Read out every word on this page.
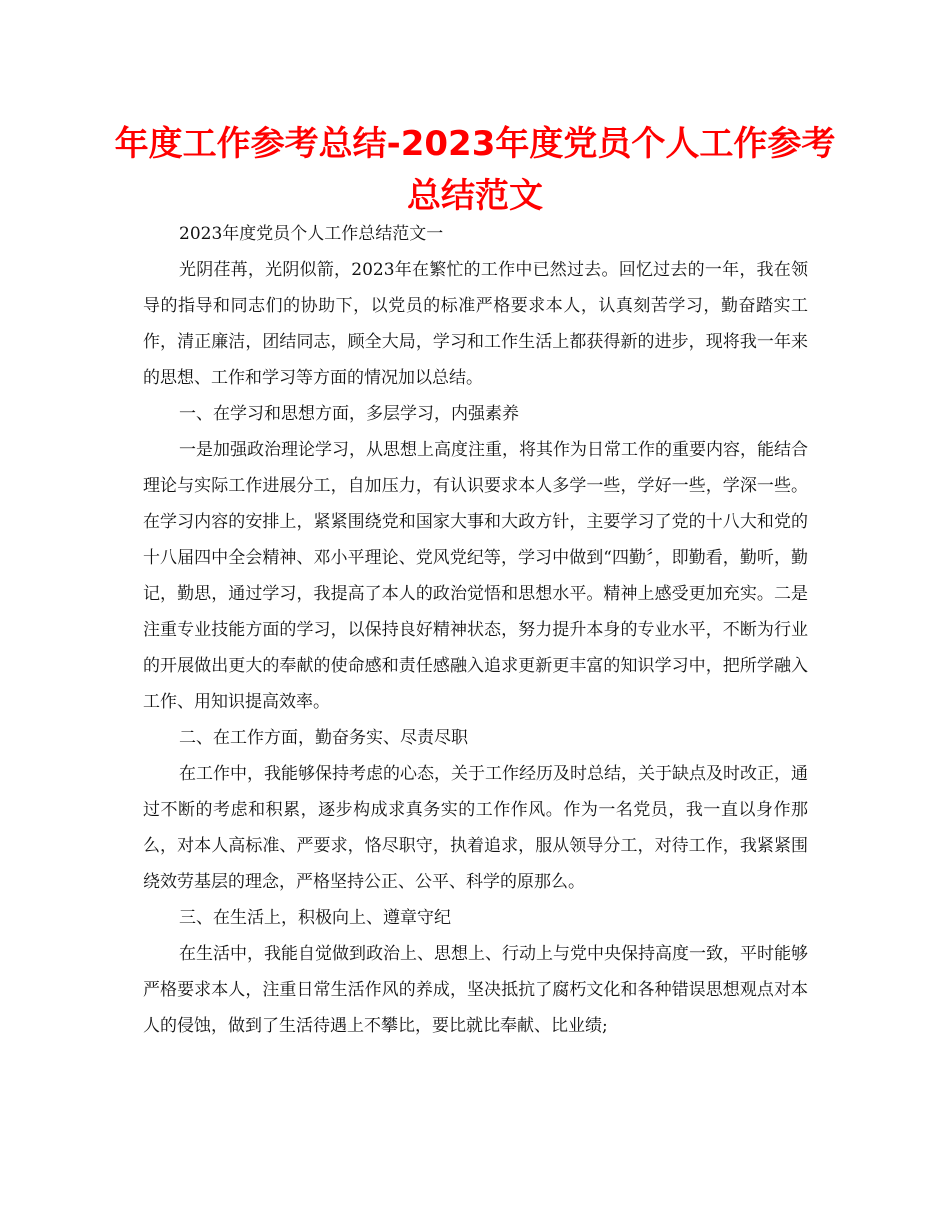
年度工作参考总结-2023年度党员个人工作参考总结范文

2023年度党员个人工作总结范文一

光阴荏苒，光阴似箭，2023年在繁忙的工作中已然过去。回忆过去的一年，我在领导的指导和同志们的协助下，以党员的标准严格要求本人，认真刻苦学习，勤奋踏实工作，清正廉洁，团结同志，顾全大局，学习和工作生活上都获得新的进步，现将我一年来的思想、工作和学习等方面的情况加以总结。

一、在学习和思想方面，多层学习，内强素养

一是加强政治理论学习，从思想上高度注重，将其作为日常工作的重要内容，能结合理论与实际工作进展分工，自加压力，有认识要求本人多学一些，学好一些，学深一些。在学习内容的安排上，紧紧围绕党和国家大事和大政方针，主要学习了党的十八大和党的十八届四中全会精神、邓小平理论、党风党纪等，学习中做到“四勤〞，即勤看，勤听，勤记，勤思，通过学习，我提高了本人的政治觉悟和思想水平。精神上感受更加充实。二是注重专业技能方面的学习，以保持良好精神状态，努力提升本身的专业水平，不断为行业的开展做出更大的奉献的使命感和责任感融入追求更新更丰富的知识学习中，把所学融入工作、用知识提高效率。

二、在工作方面，勤奋务实、尽责尽职

在工作中，我能够保持考虑的心态，关于工作经历及时总结，关于缺点及时改正，通过不断的考虑和积累，逐步构成求真务实的工作作风。作为一名党员，我一直以身作那么，对本人高标准、严要求，恪尽职守，执着追求，服从领导分工，对待工作，我紧紧围绕效劳基层的理念，严格坚持公正、公平、科学的原那么。

三、在生活上，积极向上、遵章守纪

在生活中，我能自觉做到政治上、思想上、行动上与党中央保持高度一致，平时能够严格要求本人，注重日常生活作风的养成，坚决抵抗了腐朽文化和各种错误思想观点对本人的侵蚀，做到了生活待遇上不攀比，要比就比奉献、比业绩;
